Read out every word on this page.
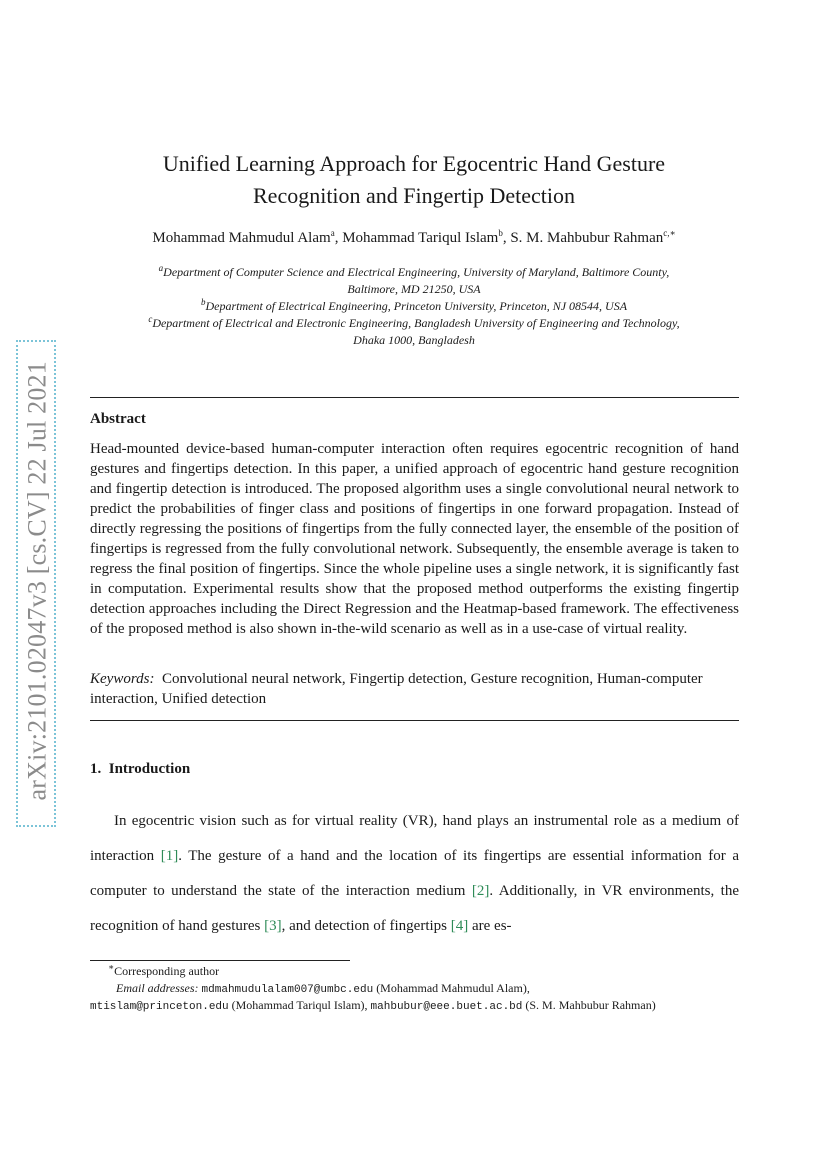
arXiv:2101.02047v3 [cs.CV] 22 Jul 2021
Unified Learning Approach for Egocentric Hand Gesture
Recognition and Fingertip Detection
Mohammad Mahmudul Alam$^a$, Mohammad Tariqul Islam$^b$, S. M. Mahbubur Rahman$^{c,∗}$
$^a$Department of Computer Science and Electrical Engineering, University of Maryland, Baltimore County,
Baltimore, MD 21250, USA
$^b$Department of Electrical Engineering, Princeton University, Princeton, NJ 08544, USA
$^c$Department of Electrical and Electronic Engineering, Bangladesh University of Engineering and Technology,
Dhaka 1000, Bangladesh
Abstract
Head-mounted device-based human-computer interaction often requires egocentric recognition of hand gestures and fingertips detection. In this paper, a unified approach of egocentric hand gesture recognition and fingertip detection is introduced. The proposed algorithm uses a single convolutional neural network to predict the probabilities of finger class and positions of fingertips in one forward propagation. Instead of directly regressing the positions of fingertips from the fully connected layer, the ensemble of the position of fingertips is regressed from the fully convolutional network. Subsequently, the ensemble average is taken to regress the final position of fingertips. Since the whole pipeline uses a single network, it is significantly fast in computation. Experimental results show that the proposed method outperforms the existing fingertip detection approaches including the Direct Regression and the Heatmap-based framework. The effectiveness of the proposed method is also shown in-the-wild scenario as well as in a use-case of virtual reality.
Keywords: Convolutional neural network, Fingertip detection, Gesture recognition, Human-computer interaction, Unified detection
1. Introduction
In egocentric vision such as for virtual reality (VR), hand plays an instrumental role as a medium of interaction [1]. The gesture of a hand and the location of its fingertips are essential information for a computer to understand the state of the interaction medium [2]. Additionally, in VR environments, the recognition of hand gestures [3], and detection of fingertips [4] are es-
∗Corresponding author
Email addresses: mdmahmudulalam007@umbc.edu (Mohammad Mahmudul Alam),
mtislam@princeton.edu (Mohammad Tariqul Islam), mahbubur@eee.buet.ac.bd (S. M. Mahbubur Rahman)
